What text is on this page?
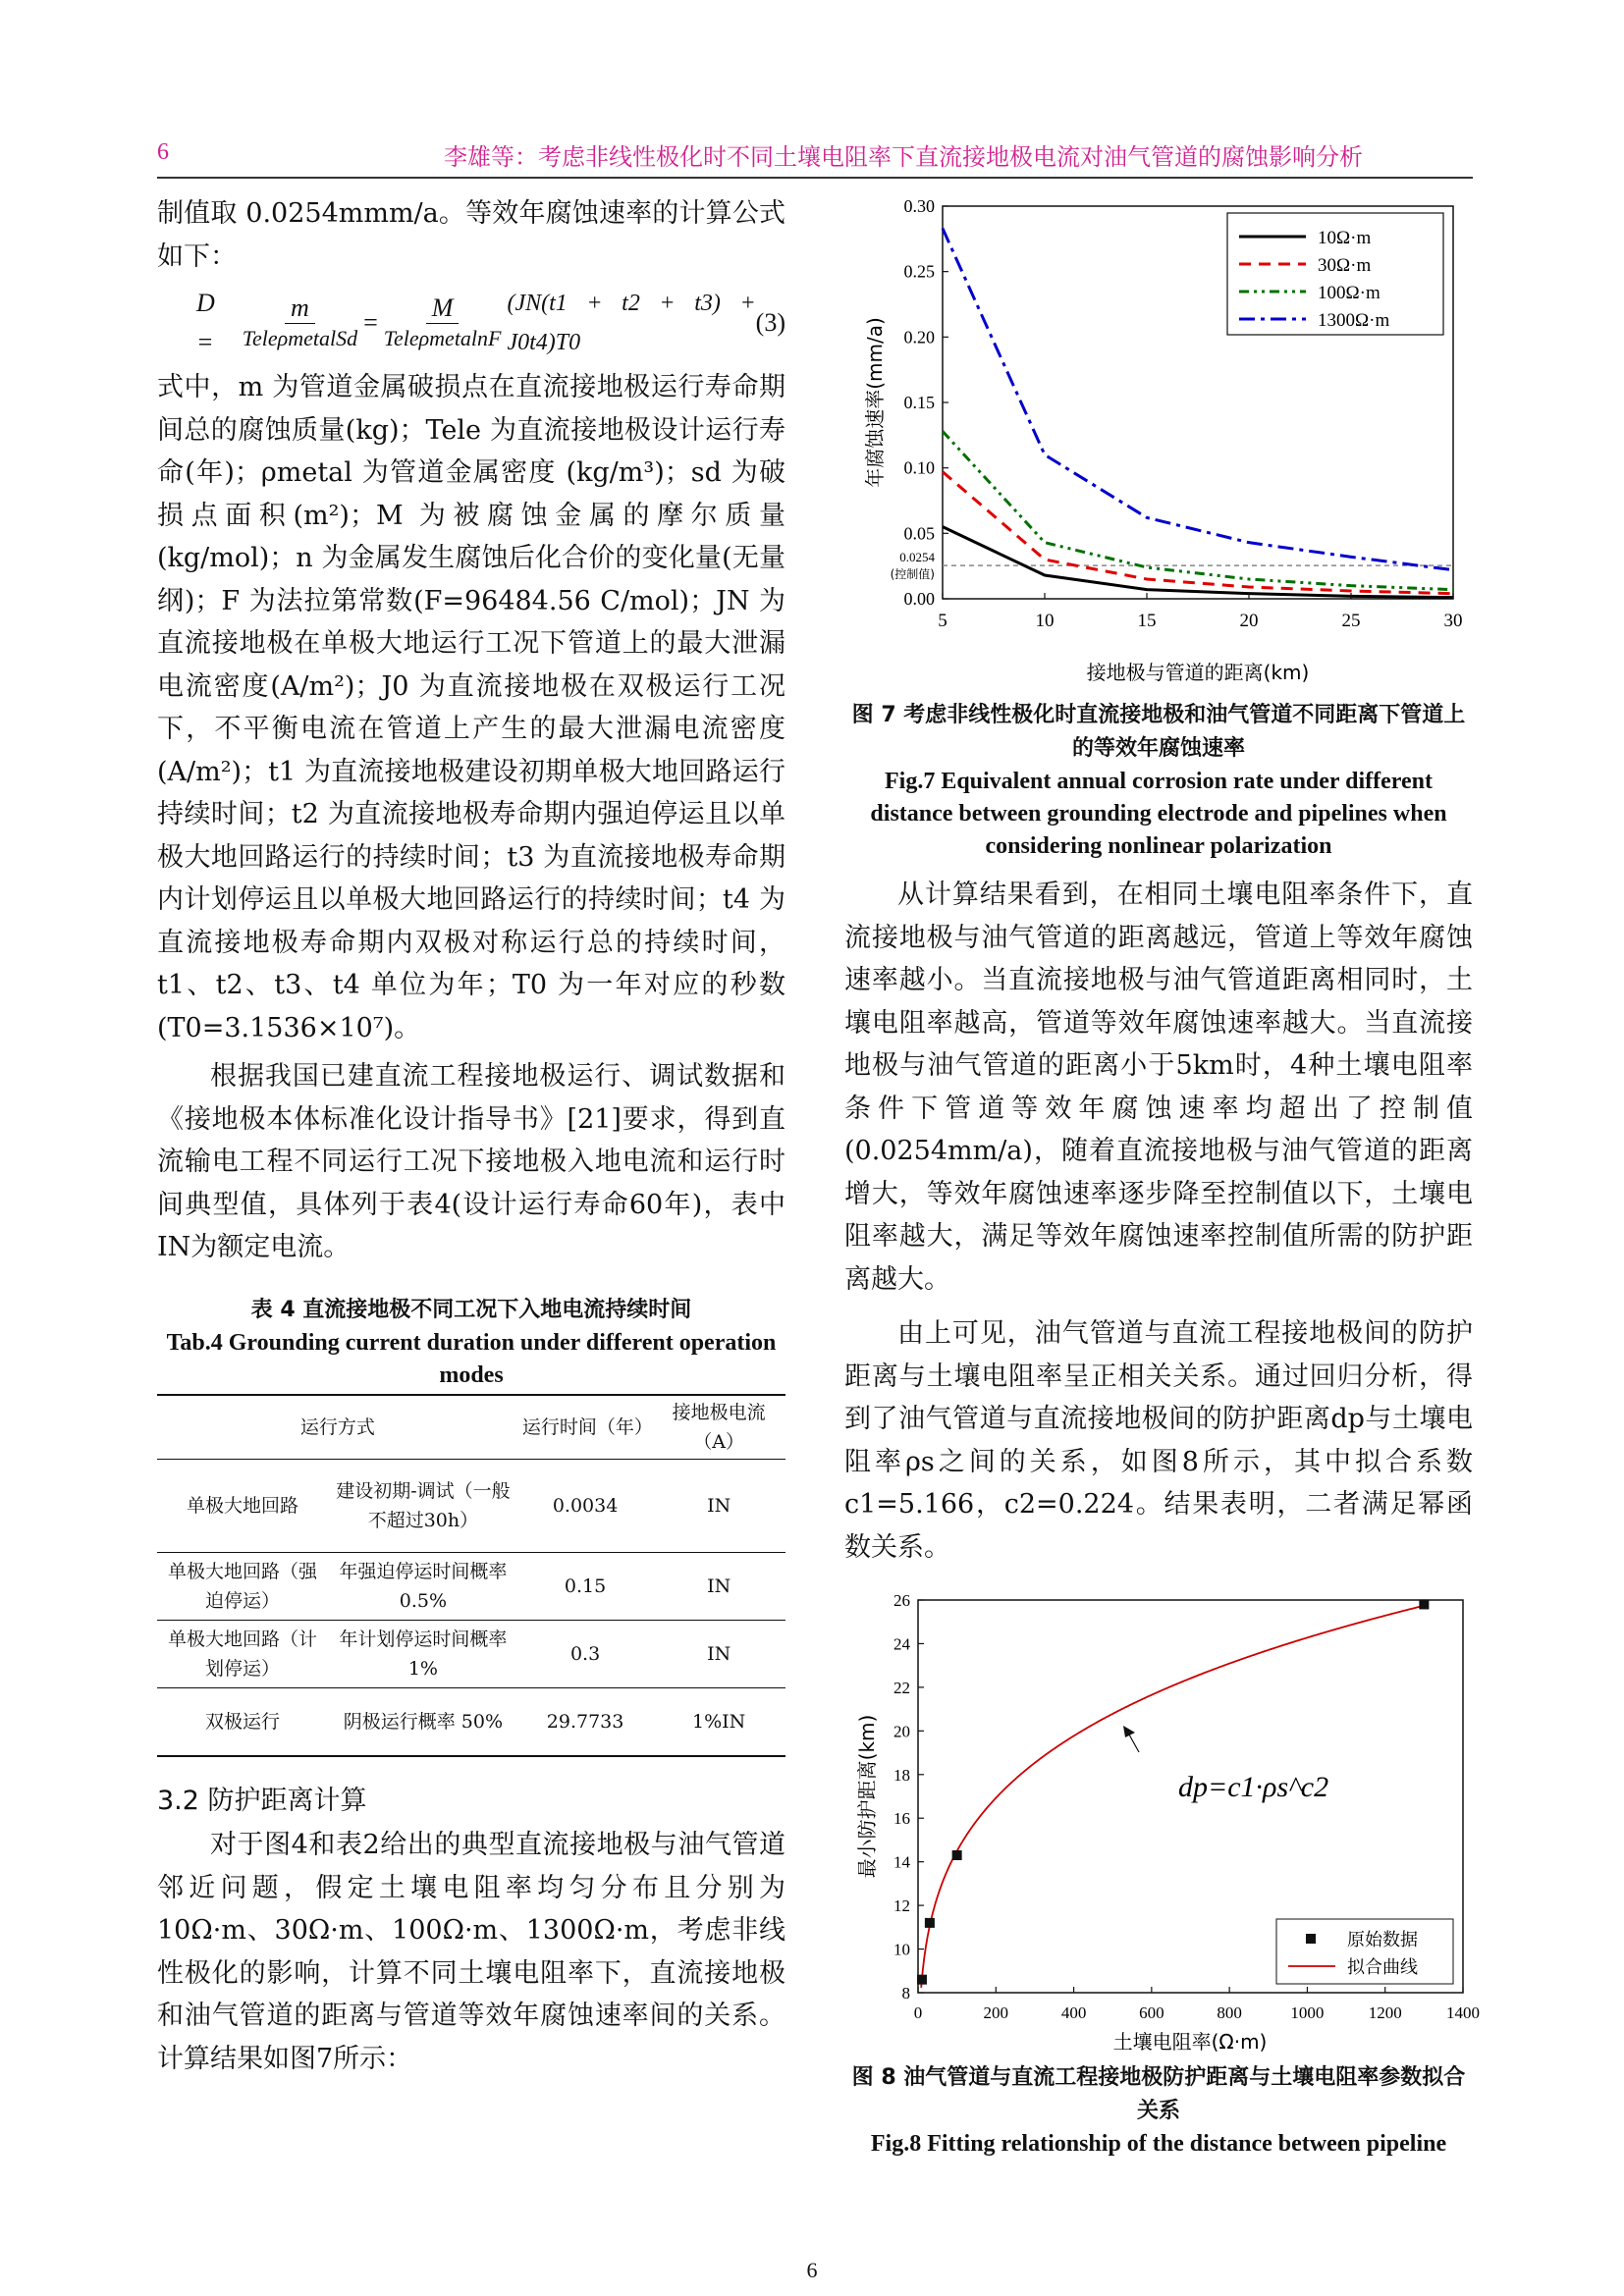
6	李雄等：考虑非线性极化时不同土壤电阻率下直流接地极电流对油气管道的腐蚀影响分析

制值取 0.0254mmm/a。等效年腐蚀速率的计算公式如下：

D =	$\frac{m}{\text{TeleρmetalSd}} = \frac{M}{\text{TeleρmetalnF}} (JN(t1 + t2 + t3) + J0t4)T0$
(3)

式中，m 为管道金属破损点在直流接地极运行寿命期间总的腐蚀质量(kg)；Tele 为直流接地极设计运行寿命(年)；ρmetal 为管道金属密度 (kg/m³)；sd 为破损点面积(m²)；M 为被腐蚀金属的摩尔质量(kg/mol)；n 为金属发生腐蚀后化合价的变化量(无量纲)；F 为法拉第常数(F=96484.56 C/mol)；JN 为直流接地极在单极大地运行工况下管道上的最大泄漏电流密度(A/m²)；J0 为直流接地极在双极运行工况下，不平衡电流在管道上产生的最大泄漏电流密度(A/m²)；t1 为直流接地极建设初期单极大地回路运行持续时间；t2 为直流接地极寿命期内强迫停运且以单极大地回路运行的持续时间；t3 为直流接地极寿命期内计划停运且以单极大地回路运行的持续时间；t4 为直流接地极寿命期内双极对称运行总的持续时间，t1、t2、t3、t4 单位为年；T0 为一年对应的秒数(T0=3.1536×10⁷)。

根据我国已建直流工程接地极运行、调试数据和《接地极本体标准化设计指导书》[21]要求，得到直流输电工程不同运行工况下接地极入地电流和运行时间典型值，具体列于表4(设计运行寿命60年)，表中IN为额定电流。

表 4 直流接地极不同工况下入地电流持续时间
Tab.4 Grounding current duration under different operation modes
运行方式		运行时间（年）	接地极电流（A）
单极大地回路	建设初期-调试（一般不超过30h）	0.0034	IN
单极大地回路（强迫停运）	年强迫停运时间概率 0.5%	0.15	IN
单极大地回路（计划停运）	年计划停运时间概率 1%	0.3	IN
双极运行	阴极运行概率 50%	29.7733	1%IN
3.2 防护距离计算

对于图4和表2给出的典型直流接地极与油气管道邻近问题，假定土壤电阻率均匀分布且分别为10Ω·m、30Ω·m、100Ω·m、1300Ω·m，考虑非线性极化的影响，计算不同土壤电阻率下，直流接地极和油气管道的距离与管道等效年腐蚀速率间的关系。计算结果如图7所示：

0.0254
(控制值)
5	10	15	20	25	30
0.00
0.05
0.10
0.15
0.20
0.25
0.30
接地极与管道的距离(km)
年腐蚀速率(mm/a)
10Ω·m
30Ω·m
100Ω·m
1300Ω·m
图 7 考虑非线性极化时直流接地极和油气管道不同距离下管道上的等效年腐蚀速率
Fig.7 Equivalent annual corrosion rate under different distance between grounding electrode and pipelines when considering nonlinear polarization

从计算结果看到，在相同土壤电阻率条件下，直流接地极与油气管道的距离越远，管道上等效年腐蚀速率越小。当直流接地极与油气管道距离相同时，土壤电阻率越高，管道等效年腐蚀速率越大。当直流接地极与油气管道的距离小于5km时，4种土壤电阻率条件下管道等效年腐蚀速率均超出了控制值(0.0254mm/a)，随着直流接地极与油气管道的距离增大，等效年腐蚀速率逐步降至控制值以下，土壤电阻率越大，满足等效年腐蚀速率控制值所需的防护距离越大。

由上可见，油气管道与直流工程接地极间的防护距离与土壤电阻率呈正相关关系。通过回归分析，得到了油气管道与直流接地极间的防护距离dp与土壤电阻率ρs之间的关系，如图8所示，其中拟合系数c1=5.166，c2=0.224。结果表明，二者满足幂函数关系。

0	200	400	600	800	1000	1200	1400
8
10
12
14
16
18
20
22
24
26
dp=c1·ρs^c2
土壤电阻率(Ω·m)
最小防护距离(km)
原始数据
拟合曲线
图 8 油气管道与直流工程接地极防护距离与土壤电阻率参数拟合关系
Fig.8 Fitting relationship of the distance between pipeline
6
